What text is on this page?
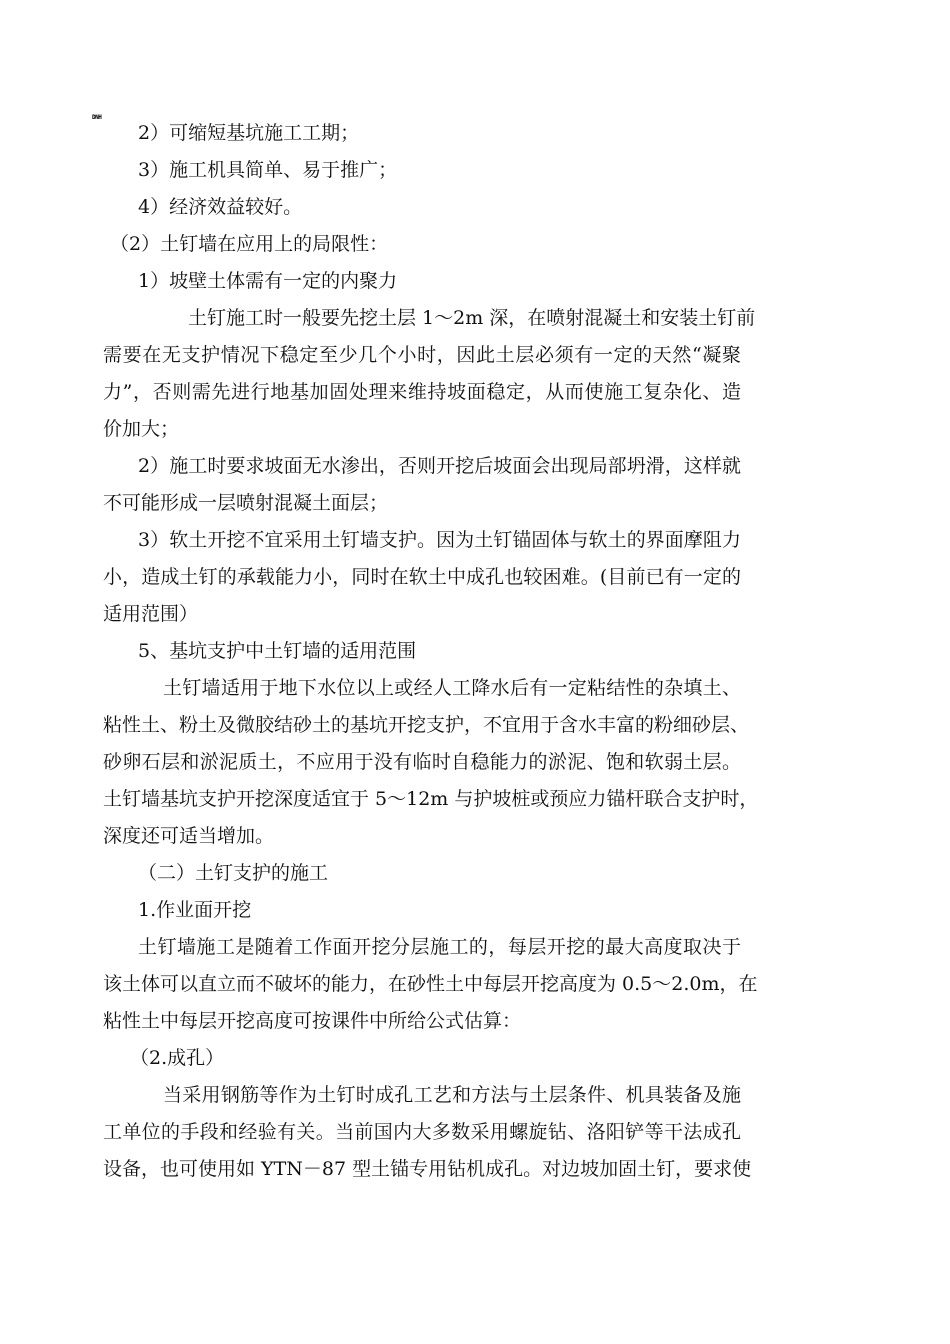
DNH
2）可缩短基坑施工工期；
3）施工机具简单、易于推广；
4）经济效益较好。
（2）土钉墙在应用上的局限性：
1）坡壁土体需有一定的内聚力
土钉施工时一般要先挖土层 1～2m 深，在喷射混凝土和安装土钉前
需要在无支护情况下稳定至少几个小时，因此土层必须有一定的天然“凝聚
力”，否则需先进行地基加固处理来维持坡面稳定，从而使施工复杂化、造
价加大；
2）施工时要求坡面无水渗出，否则开挖后坡面会出现局部坍滑，这样就
不可能形成一层喷射混凝土面层；
3）软土开挖不宜采用土钉墙支护。因为土钉锚固体与软土的界面摩阻力
小，造成土钉的承载能力小，同时在软土中成孔也较困难。(目前已有一定的
适用范围）
5、基坑支护中土钉墙的适用范围
土钉墙适用于地下水位以上或经人工降水后有一定粘结性的杂填土、
粘性土、粉土及微胶结砂土的基坑开挖支护，不宜用于含水丰富的粉细砂层、
砂卵石层和淤泥质土，不应用于没有临时自稳能力的淤泥、饱和软弱土层。
土钉墙基坑支护开挖深度适宜于 5～12m 与护坡桩或预应力锚杆联合支护时，
深度还可适当增加。
（二）土钉支护的施工
1.作业面开挖
土钉墙施工是随着工作面开挖分层施工的，每层开挖的最大高度取决于
该土体可以直立而不破坏的能力，在砂性土中每层开挖高度为 0.5～2.0m，在
粘性土中每层开挖高度可按课件中所给公式估算：
（2.成孔）
当采用钢筋等作为土钉时成孔工艺和方法与土层条件、机具装备及施
工单位的手段和经验有关。当前国内大多数采用螺旋钻、洛阳铲等干法成孔
设备，也可使用如 YTN－87 型土锚专用钻机成孔。对边坡加固土钉，要求使
